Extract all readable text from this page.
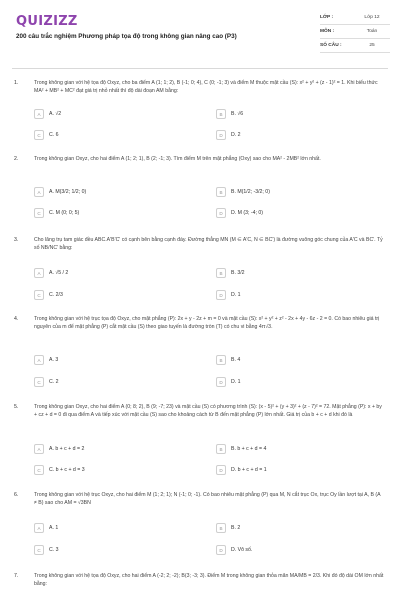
QUIZIZZ
200 câu trắc nghiệm Phương pháp tọa độ trong không gian nâng cao (P3)
LỚP :	Lớp 12
MÔN :	Toán
SỐ CÂU :	25
1.	Trong không gian với hệ tọa độ Oxyz, cho ba điểm A (1; 1; 2), B (-1; 0; 4), C (0; -1; 3) và điểm M thuộc mặt cầu (S): x² + y² + (z - 1)² = 1. Khi biểu thức MA² + MB² + MC² đạt giá trị nhỏ nhất thì độ dài đoạn AM bằng:
A	A. √2	B	B. √6
C	C. 6	D	D. 2
2.	Trong không gian Oxyz, cho hai điểm A (1; 2; 1), B (2; -1; 3). Tìm điểm M trên mặt phẳng (Oxy) sao cho MA² - 2MB² lớn nhất.
A	A. M(3/2; 1/2; 0)	B	B. M(1/2; -3/2; 0)
C	C. M (0; 0; 5)	D	D. M (3; -4; 0)
3.	Cho lăng trụ tam giác đều ABC.A'B'C' có cạnh bên bằng cạnh đáy. Đường thẳng MN (M ∈ A'C, N ∈ BC') là đường vuông góc chung của A'C và BC'. Tỷ số NB/NC' bằng:
A	A. √5 / 2	B	B. 3/2
C	C. 2/3	D	D. 1
4.	Trong không gian với hệ trục tọa độ Oxyz, cho mặt phẳng (P): 2x + y - 2z + m = 0 và mặt cầu (S): x² + y² + z² - 2x + 4y - 6z - 2 = 0. Có bao nhiêu giá trị nguyên của m để mặt phẳng (P) cắt mặt cầu (S) theo giao tuyến là đường tròn (T) có chu vi bằng 4π√3.
A	A. 3	B	B. 4
C	C. 2	D	D. 1
5.	Trong không gian Oxyz, cho hai điểm A (0; 8; 2), B (9; -7; 23) và mặt cầu (S) có phương trình (S): (x - 5)² + (y + 3)² + (z - 7)² = 72. Mặt phẳng (P): x + by + cz + d = 0 đi qua điểm A và tiếp xúc với mặt cầu (S) sao cho khoảng cách từ B đến mặt phẳng (P) lớn nhất. Giá trị của b + c + d khi đó là
A	A. b + c + d = 2	B	B. b + c + d = 4
C	C. b + c + d = 3	D	D. b + c + d = 1
6.	Trong không gian với hệ trục Oxyz, cho hai điểm M (1; 2; 1); N (-1; 0; -1). Có bao nhiêu mặt phẳng (P) qua M, N cắt trục Ox, trục Oy lần lượt tại A, B (A ≠ B) sao cho AM = √3BN
A	A. 1	B	B. 2
C	C. 3	D	D. Vô số.
7.	Trong không gian với hệ tọa độ Oxyz, cho hai điểm A (-2; 2; -2); B(3; -3; 3). Điểm M trong không gian thỏa mãn MA/MB = 2/3. Khi đó độ dài OM lớn nhất bằng:
